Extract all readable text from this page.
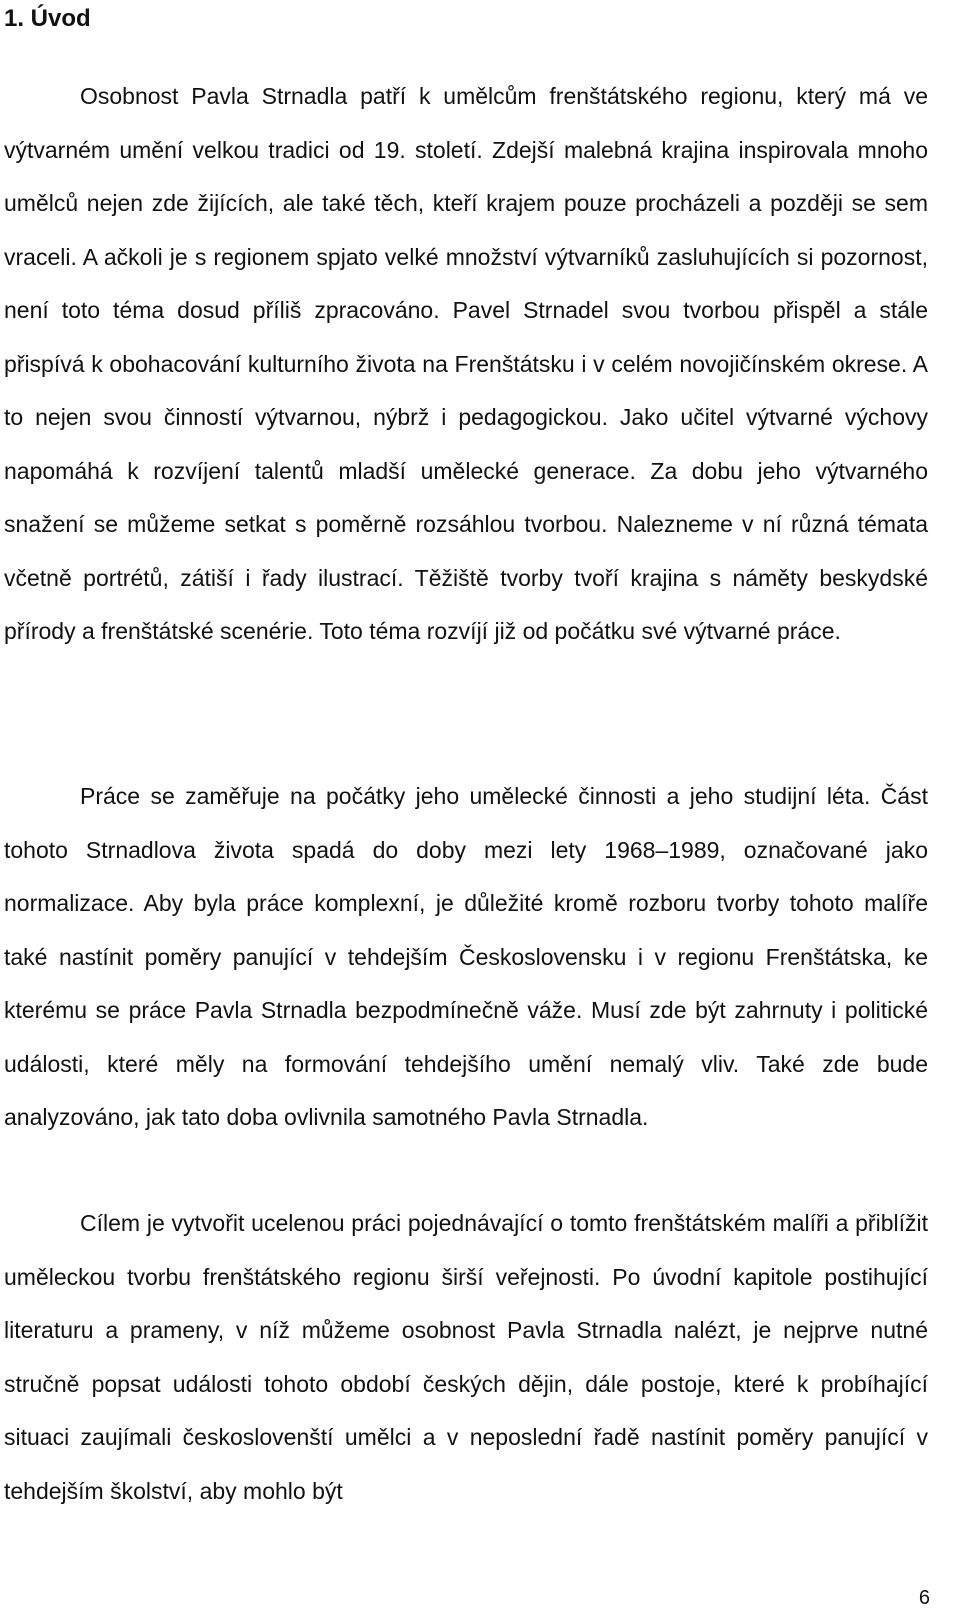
1. Úvod

Osobnost Pavla Strnadla patří k umělcům frenštátského regionu, který má ve výtvarném umění velkou tradici od 19. století. Zdejší malebná krajina inspirovala mnoho umělců nejen zde žijících, ale také těch, kteří krajem pouze procházeli a později se sem vraceli. A ačkoli je s regionem spjato velké množství výtvarníků zasluhujících si pozornost, není toto téma dosud příliš zpracováno. Pavel Strnadel svou tvorbou přispěl a stále přispívá k obohacování kulturního života na Frenštátsku i v celém novojičínském okrese. A to nejen svou činností výtvarnou, nýbrž i pedagogickou. Jako učitel výtvarné výchovy napomáhá k rozvíjení talentů mladší umělecké generace. Za dobu jeho výtvarného snažení se můžeme setkat s poměrně rozsáhlou tvorbou. Nalezneme v ní různá témata včetně portrétů, zátiší i řady ilustrací. Těžiště tvorby tvoří krajina s náměty beskydské přírody a frenštátské scenérie. Toto téma rozvíjí již od počátku své výtvarné práce.

Práce se zaměřuje na počátky jeho umělecké činnosti a jeho studijní léta. Část tohoto Strnadlova života spadá do doby mezi lety 1968–1989, označované jako normalizace. Aby byla práce komplexní, je důležité kromě rozboru tvorby tohoto malíře také nastínit poměry panující v tehdejším Československu i v regionu Frenštátska, ke kterému se práce Pavla Strnadla bezpodmínečně váže. Musí zde být zahrnuty i politické události, které měly na formování tehdejšího umění nemalý vliv. Také zde bude analyzováno, jak tato doba ovlivnila samotného Pavla Strnadla.

Cílem je vytvořit ucelenou práci pojednávající o tomto frenštátském malíři a přiblížit uměleckou tvorbu frenštátského regionu širší veřejnosti. Po úvodní kapitole postihující literaturu a prameny, v níž můžeme osobnost Pavla Strnadla nalézt, je nejprve nutné stručně popsat události tohoto období českých dějin, dále postoje, které k probíhající situaci zaujímali českoslovenští umělci a v neposlední řadě nastínit poměry panující v tehdejším školství, aby mohlo být

6
